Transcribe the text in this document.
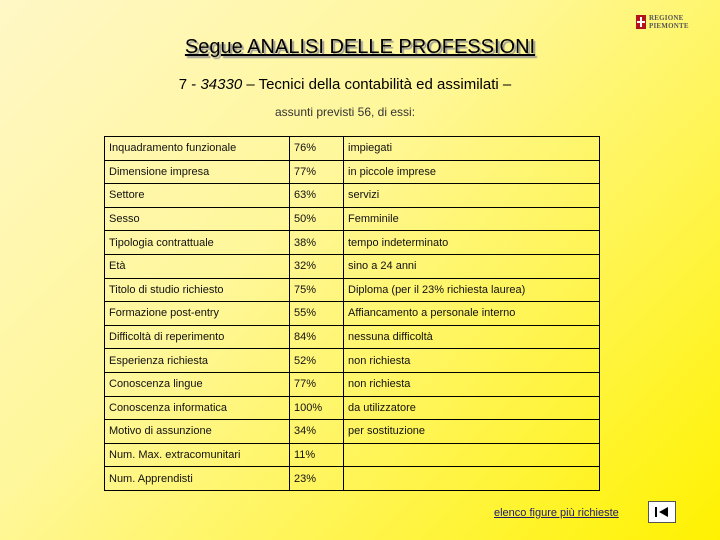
REGIONE
PIEMONTE
Segue ANALISI DELLE PROFESSIONI
7 - 34330 – Tecnici della contabilità ed assimilati –
assunti previsti 56, di essi:
Inquadramento funzionale	76%	impiegati
Dimensione impresa	77%	in piccole imprese
Settore	63%	servizi
Sesso	50%	Femminile
Tipologia contrattuale	38%	tempo indeterminato
Età	32%	sino a 24 anni
Titolo di studio richiesto	75%	Diploma (per il 23% richiesta laurea)
Formazione post-entry	55%	Affiancamento a personale interno
Difficoltà di reperimento	84%	nessuna difficoltà
Esperienza richiesta	52%	non richiesta
Conoscenza lingue	77%	non richiesta
Conoscenza informatica	100%	da utilizzatore
Motivo di assunzione	34%	per sostituzione
Num. Max. extracomunitari	11%	
Num. Apprendisti	23%	
elenco figure più richieste
